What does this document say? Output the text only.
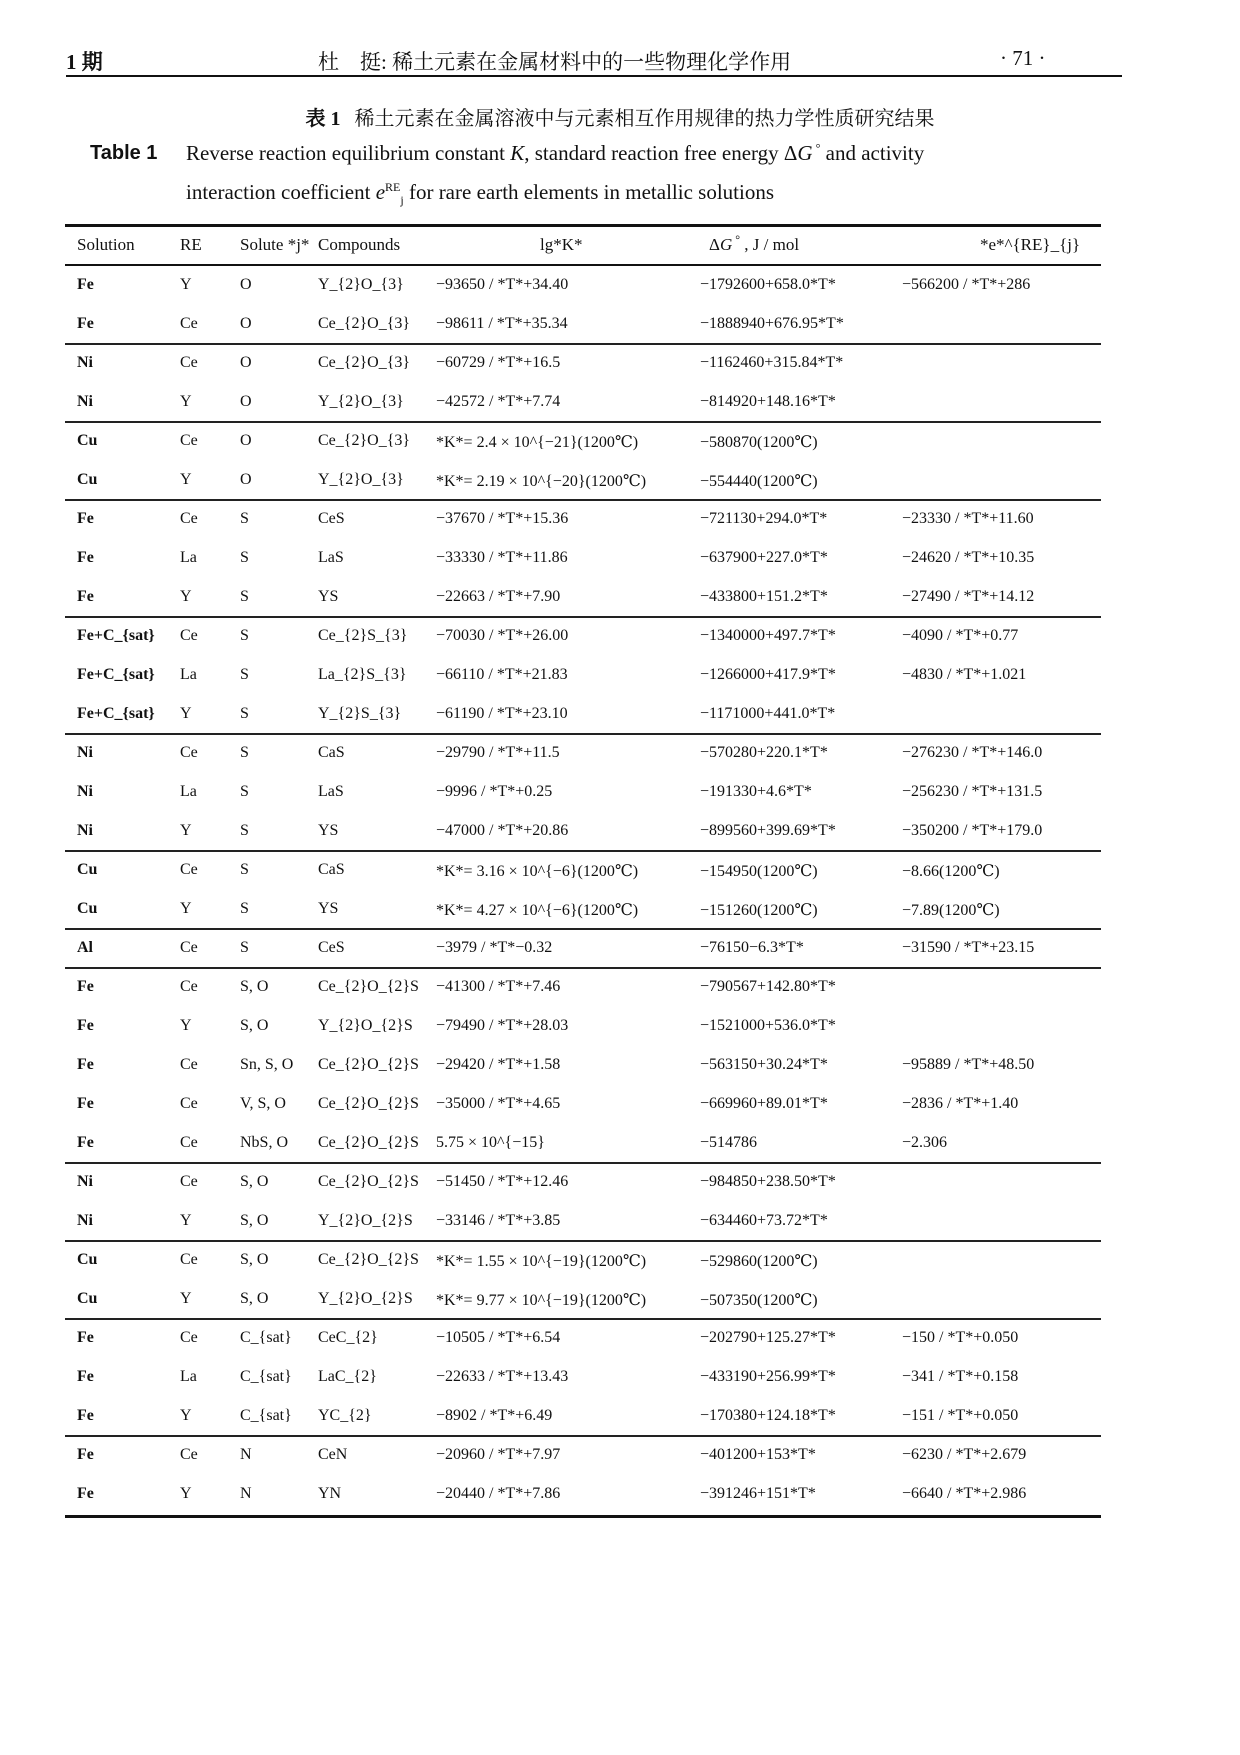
1 期	杜　挺: 稀土元素在金属材料中的一些物理化学作用	· 71 ·
表 1 稀土元素在金属溶液中与元素相互作用规律的热力学性质研究结果
Table 1 Reverse reaction equilibrium constant K, standard reaction free energy ΔG ° and activity
interaction coefficient $e^{RE}_j$ for rare earth elements in metallic solutions
Solution	RE Solute *j* Compounds	lg*K*	ΔG ° , J / mol	*e*^{RE}_{j}
Fe	Y	O	Y_{2}O_{3} −93650 / *T*+34.40	−1792600+658.0*T*	−566200 / *T*+286
Fe	Ce	O	Ce_{2}O_{3} −98611 / *T*+35.34	−1888940+676.95*T*
Ni	Ce	O	Ce_{2}O_{3} −60729 / *T*+16.5	−1162460+315.84*T*
Ni	Y	O	Y_{2}O_{3} −42572 / *T*+7.74	−814920+148.16*T*
Cu	Ce	O	Ce_{2}O_{3} *K*= 2.4 × 10^{−21}(1200℃)	−580870(1200℃)
Cu	Y	O	Y_{2}O_{3} *K*= 2.19 × 10^{−20}(1200℃)	−554440(1200℃)
Fe	Ce	S	CeS	−37670 / *T*+15.36	−721130+294.0*T*	−23330 / *T*+11.60
Fe	La	S	LaS	−33330 / *T*+11.86	−637900+227.0*T*	−24620 / *T*+10.35
Fe	Y	S	YS	−22663 / *T*+7.90	−433800+151.2*T*	−27490 / *T*+14.12
Fe+C_{sat} Ce	S	Ce_{2}S_{3} −70030 / *T*+26.00	−1340000+497.7*T*	−4090 / *T*+0.77
Fe+C_{sat} La	S	La_{2}S_{3} −66110 / *T*+21.83	−1266000+417.9*T*	−4830 / *T*+1.021
Fe+C_{sat} Y	S	Y_{2}S_{3} −61190 / *T*+23.10	−1171000+441.0*T*
Ni	Ce	S	CaS	−29790 / *T*+11.5	−570280+220.1*T*	−276230 / *T*+146.0
Ni	La	S	LaS	−9996 / *T*+0.25	−191330+4.6*T*	−256230 / *T*+131.5
Ni	Y	S	YS	−47000 / *T*+20.86	−899560+399.69*T*	−350200 / *T*+179.0
Cu	Ce	S	CaS	*K*= 3.16 × 10^{−6}(1200℃)	−154950(1200℃)	−8.66(1200℃)
Cu	Y	S	YS	*K*= 4.27 × 10^{−6}(1200℃)	−151260(1200℃)	−7.89(1200℃)
Al	Ce	S	CeS	−3979 / *T*−0.32	−76150−6.3*T*	−31590 / *T*+23.15
Fe	Ce	S, O	Ce_{2}O_{2}S −41300 / *T*+7.46	−790567+142.80*T*
Fe	Y	S, O	Y_{2}O_{2}S −79490 / *T*+28.03	−1521000+536.0*T*
Fe	Ce	Sn, S, O Ce_{2}O_{2}S −29420 / *T*+1.58	−563150+30.24*T*	−95889 / *T*+48.50
Fe	Ce	V, S, O Ce_{2}O_{2}S −35000 / *T*+4.65	−669960+89.01*T*	−2836 / *T*+1.40
Fe	Ce	NbS, O Ce_{2}O_{2}S 5.75 × 10^{−15}	−514786	−2.306
Ni	Ce	S, O	Ce_{2}O_{2}S −51450 / *T*+12.46	−984850+238.50*T*
Ni	Y	S, O	Y_{2}O_{2}S −33146 / *T*+3.85	−634460+73.72*T*
Cu	Ce	S, O	Ce_{2}O_{2}S *K*= 1.55 × 10^{−19}(1200℃)	−529860(1200℃)
Cu	Y	S, O	Y_{2}O_{2}S *K*= 9.77 × 10^{−19}(1200℃)	−507350(1200℃)
Fe	Ce	C_{sat} CeC_{2}	−10505 / *T*+6.54	−202790+125.27*T*	−150 / *T*+0.050
Fe	La	C_{sat} LaC_{2}	−22633 / *T*+13.43	−433190+256.99*T*	−341 / *T*+0.158
Fe	Y	C_{sat} YC_{2}	−8902 / *T*+6.49	−170380+124.18*T*	−151 / *T*+0.050
Fe	Ce	N	CeN	−20960 / *T*+7.97	−401200+153*T*	−6230 / *T*+2.679
Fe	Y	N	YN	−20440 / *T*+7.86	−391246+151*T*	−6640 / *T*+2.986
